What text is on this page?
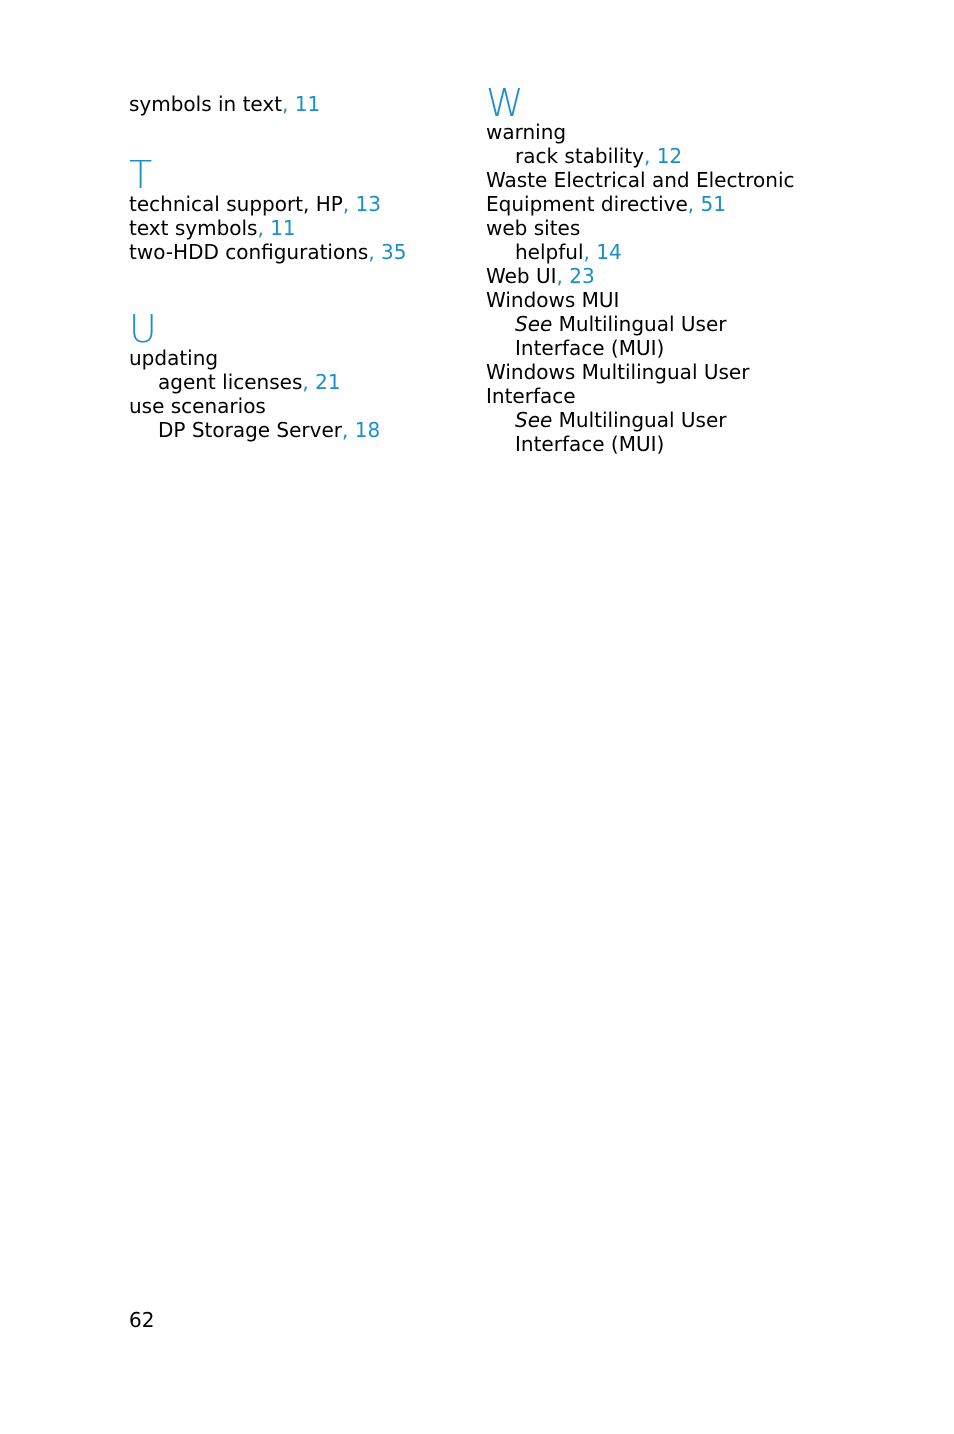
symbols in text, 11
T
technical support, HP, 13
text symbols, 11
two-HDD configurations, 35
U
updating
agent licenses, 21
use scenarios
DP Storage Server, 18
W
warning
rack stability, 12
Waste Electrical and Electronic
Equipment directive, 51
web sites
helpful, 14
Web UI, 23
Windows MUI
See Multilingual User
Interface (MUI)
Windows Multilingual User
Interface
See Multilingual User
Interface (MUI)
62
